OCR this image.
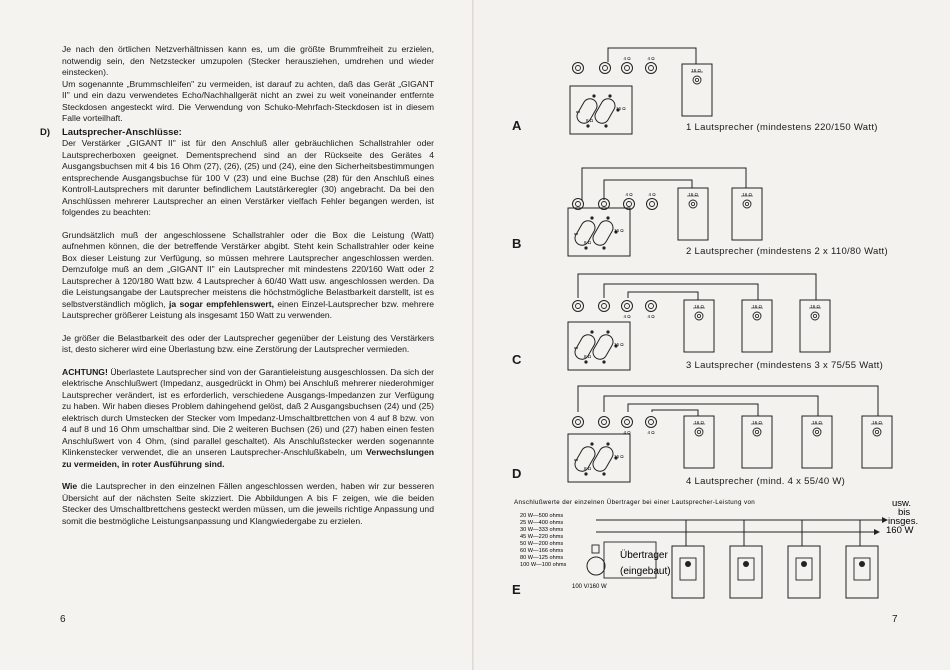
Je nach den örtlichen Netzverhältnissen kann es, um die größte Brummfreiheit zu erzielen, notwendig sein, den Netzstecker umzupolen (Stecker herausziehen, umdrehen und wieder einstecken).

Um sogenannte „Brummschleifen" zu vermeiden, ist darauf zu achten, daß das Gerät „GIGANT II" und ein dazu verwendetes Echo/Nachhallgerät nicht an zwei zu weit voneinander entfernte Steckdosen angesteckt wird. Die Verwendung von Schuko-Mehrfach-Steckdosen ist in diesem Falle vorteilhaft.

D) Lautsprecher-Anschlüsse:

Der Verstärker „GIGANT II" ist für den Anschluß aller gebräuchlichen Schallstrahler oder Lautsprecherboxen geeignet. Dementsprechend sind an der Rückseite des Gerätes 4 Ausgangsbuchsen mit 4 bis 16 Ohm (27), (26), (25) und (24), eine den Sicherheitsbestimmungen entsprechende Ausgangsbuchse für 100 V (23) und eine Buchse (28) für den Anschluß eines Kontroll-Lautsprechers mit darunter befindlichem Lautstärkeregler (30) angebracht. Da bei den Anschlüssen mehrerer Lautsprecher an einen Verstärker vielfach Fehler begangen werden, ist folgendes zu beachten:

Grundsätzlich muß der angeschlossene Schallstrahler oder die Box die Leistung (Watt) aufnehmen können, die der betreffende Verstärker abgibt. Steht kein Schallstrahler oder keine Box dieser Leistung zur Verfügung, so müssen mehrere Lautsprecher angeschlossen werden. Demzufolge muß an dem „GIGANT II" ein Lautsprecher mit mindestens 220/160 Watt oder 2 Lautsprecher à 120/180 Watt bzw. 4 Lautsprecher à 60/40 Watt usw. angeschlossen werden. Da die Leistungsangabe der Lautsprecher meistens die höchstmögliche Belastbarkeit darstellt, ist es selbstverständlich möglich, ja sogar empfehlenswert, einen Einzel-Lautsprecher bzw. mehrere Lautsprecher größerer Leistung als insgesamt 150 Watt zu verwenden.

Je größer die Belastbarkeit des oder der Lautsprecher gegenüber der Leistung des Verstärkers ist, desto sicherer wird eine Überlastung bzw. eine Zerstörung der Lautsprecher vermieden.

ACHTUNG! Überlastete Lautsprecher sind von der Garantieleistung ausgeschlossen. Da sich der elektrische Anschlußwert (Impedanz, ausgedrückt in Ohm) bei Anschluß mehrerer niederohmiger Lautsprecher verändert, ist es erforderlich, verschiedene Ausgangs-Impedanzen zur Verfügung zu haben. Wir haben dieses Problem dahingehend gelöst, daß 2 Ausgangsbuchsen (24) und (25) elektrisch durch Umstecken der Stecker vom Impedanz-Umschaltbrettchen von 4 auf 8 bzw. von 4 auf 8 und 16 Ohm umschaltbar sind. Die 2 weiteren Buchsen (26) und (27) haben einen festen Anschlußwert von 4 Ohm, (sind parallel geschaltet). Als Anschlußstecker werden sogenannte Klinkenstecker verwendet, die an unseren Lautsprecher-Anschlußkabeln, um Verwechslungen zu vermeiden, in roter Ausführung sind.

Wie die Lautsprecher in den einzelnen Fällen angeschlossen werden, haben wir zur besseren Übersicht auf der nächsten Seite skizziert. Die Abbildungen A bis F zeigen, wie die beiden Stecker des Umschaltbrettchens gesteckt werden müssen, um die jeweils richtige Anpassung und somit die bestmögliche Leistungsanpassung und Klangwiedergabe zu erzielen.

6
A
B
C
D
E
1 Lautsprecher (mindestens 220/150 Watt)
2 Lautsprecher (mindestens 2 x 110/80 Watt)
3 Lautsprecher (mindestens 3 x 75/55 Watt)
4 Lautsprecher (mind. 4 x 55/40 W)
16 Ω
16 Ω	16 Ω
16 Ω	16 Ω	16 Ω
16 Ω	16 Ω	16 Ω	16 Ω
4 Ω	4 Ω
4 Ω	4 Ω
4 Ω	4 Ω
4 Ω	4 Ω
16 Ω
8 Ω
16 Ω
8 Ω
16 Ω
8 Ω
16 Ω
8 Ω
Anschlußwerte der einzelnen Übertrager bei einer Lautsprecher-Leistung von
20 W—500 ohms
25 W—400 ohms
30 W—333 ohms
45 W—220 ohms
50 W—200 ohms
60 W—166 ohms
80 W—125 ohms
100 W—100 ohms
Übertrager
(eingebaut)
100 V/160 W
usw.
bis
insges.
160 W
7
